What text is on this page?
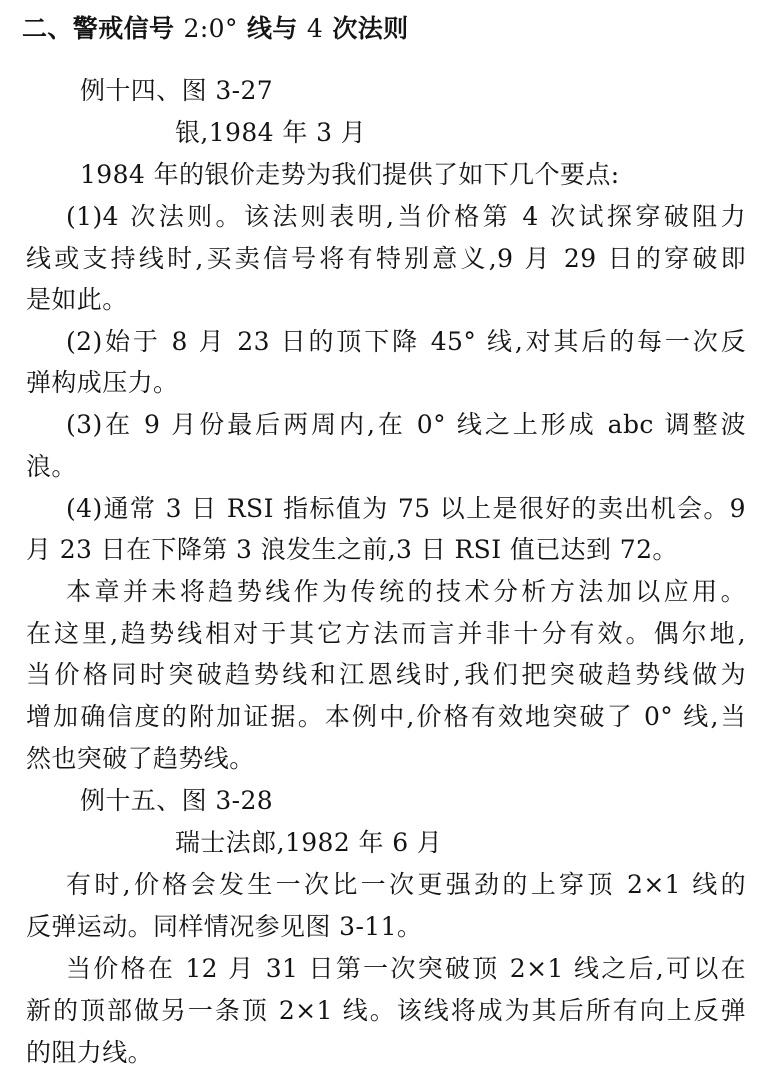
二、警戒信号 2:0° 线与 4 次法则
例十四、图 3-27
银,1984 年 3 月
1984 年的银价走势为我们提供了如下几个要点:
(1)4 次法则。该法则表明,当价格第 4 次试探穿破阻力
线或支持线时,买卖信号将有特别意义,9 月 29 日的穿破即
是如此。
(2)始于 8 月 23 日的顶下降 45° 线,对其后的每一次反
弹构成压力。
(3)在 9 月份最后两周内,在 0° 线之上形成 abc 调整波
浪。
(4)通常 3 日 RSI 指标值为 75 以上是很好的卖出机会。9
月 23 日在下降第 3 浪发生之前,3 日 RSI 值已达到 72。
本章并未将趋势线作为传统的技术分析方法加以应用。
在这里,趋势线相对于其它方法而言并非十分有效。偶尔地,
当价格同时突破趋势线和江恩线时,我们把突破趋势线做为
增加确信度的附加证据。本例中,价格有效地突破了 0° 线,当
然也突破了趋势线。
例十五、图 3-28
瑞士法郎,1982 年 6 月
有时,价格会发生一次比一次更强劲的上穿顶 2×1 线的
反弹运动。同样情况参见图 3-11。
当价格在 12 月 31 日第一次突破顶 2×1 线之后,可以在
新的顶部做另一条顶 2×1 线。该线将成为其后所有向上反弹
的阻力线。
